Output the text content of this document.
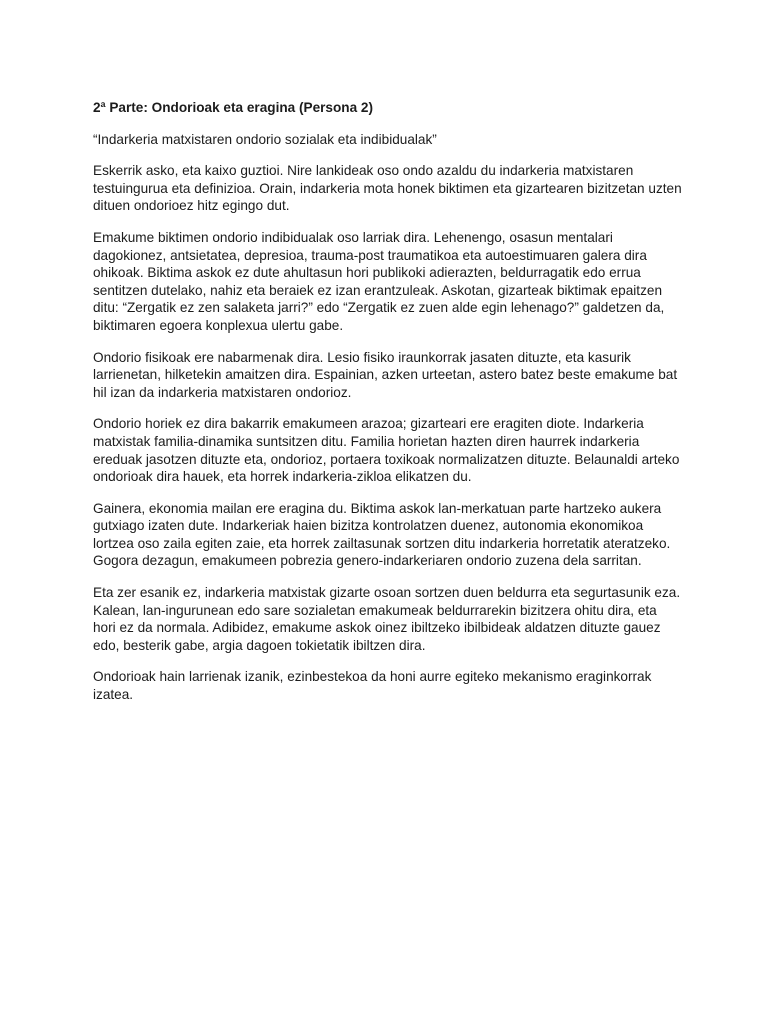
2ª Parte: Ondorioak eta eragina (Persona 2)
“Indarkeria matxistaren ondorio sozialak eta indibidualak”

Eskerrik asko, eta kaixo guztioi. Nire lankideak oso ondo azaldu du indarkeria matxistaren testuingurua eta definizioa. Orain, indarkeria mota honek biktimen eta gizartearen bizitzetan uzten dituen ondorioez hitz egingo dut.

Emakume biktimen ondorio indibidualak oso larriak dira. Lehenengo, osasun mentalari dagokionez, antsietatea, depresioa, trauma-post traumatikoa eta autoestimuaren galera dira ohikoak. Biktima askok ez dute ahultasun hori publikoki adierazten, beldurragatik edo errua sentitzen dutelako, nahiz eta beraiek ez izan erantzuleak. Askotan, gizarteak biktimak epaitzen ditu: “Zergatik ez zen salaketa jarri?” edo “Zergatik ez zuen alde egin lehenago?” galdetzen da, biktimaren egoera konplexua ulertu gabe.

Ondorio fisikoak ere nabarmenak dira. Lesio fisiko iraunkorrak jasaten dituzte, eta kasurik larrienetan, hilketekin amaitzen dira. Espainian, azken urteetan, astero batez beste emakume bat hil izan da indarkeria matxistaren ondorioz.

Ondorio horiek ez dira bakarrik emakumeen arazoa; gizarteari ere eragiten diote. Indarkeria matxistak familia-dinamika suntsitzen ditu. Familia horietan hazten diren haurrek indarkeria ereduak jasotzen dituzte eta, ondorioz, portaera toxikoak normalizatzen dituzte. Belaunaldi arteko ondorioak dira hauek, eta horrek indarkeria-zikloa elikatzen du.

Gainera, ekonomia mailan ere eragina du. Biktima askok lan-merkatuan parte hartzeko aukera gutxiago izaten dute. Indarkeriak haien bizitza kontrolatzen duenez, autonomia ekonomikoa lortzea oso zaila egiten zaie, eta horrek zailtasunak sortzen ditu indarkeria horretatik ateratzeko. Gogora dezagun, emakumeen pobrezia genero-indarkeriaren ondorio zuzena dela sarritan.

Eta zer esanik ez, indarkeria matxistak gizarte osoan sortzen duen beldurra eta segurtasunik eza. Kalean, lan-ingurunean edo sare sozialetan emakumeak beldurrarekin bizitzera ohitu dira, eta hori ez da normala. Adibidez, emakume askok oinez ibiltzeko ibilbideak aldatzen dituzte gauez edo, besterik gabe, argia dagoen tokietatik ibiltzen dira.

Ondorioak hain larrienak izanik, ezinbestekoa da honi aurre egiteko mekanismo eraginkorrak izatea.
